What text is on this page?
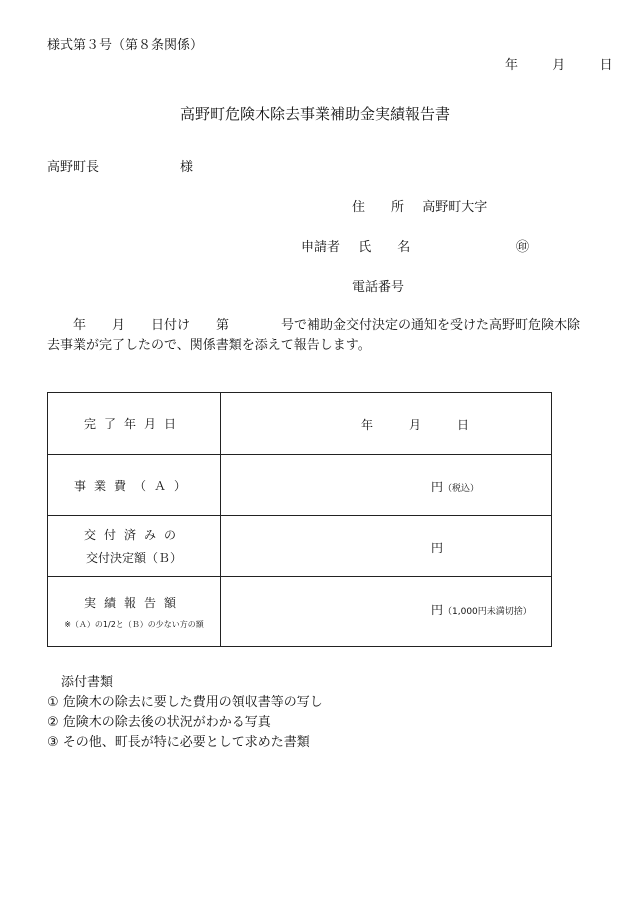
様式第３号（第８条関係）
年	月	日
高野町危険木除去事業補助金実績報告書
高野町長	様
住　　所 高野町大字
申請者 氏　　名	㊞
電話番号
　　年　　月　　日付け　　第　　　　号で補助金交付決定の通知を受けた高野町危険木除
去事業が完了したので、関係書類を添えて報告します。
完了年月日	年　　　月　　　日

事業費（Ａ）	円（税込）

交付済みの
交付決定額（Ｂ）	円

実績報告額
※（Ａ）の1/2と（Ｂ）の少ない方の額	円（1,000円未満切捨）
添付書類
① 危険木の除去に要した費用の領収書等の写し
② 危険木の除去後の状況がわかる写真
③ その他、町長が特に必要として求めた書類
